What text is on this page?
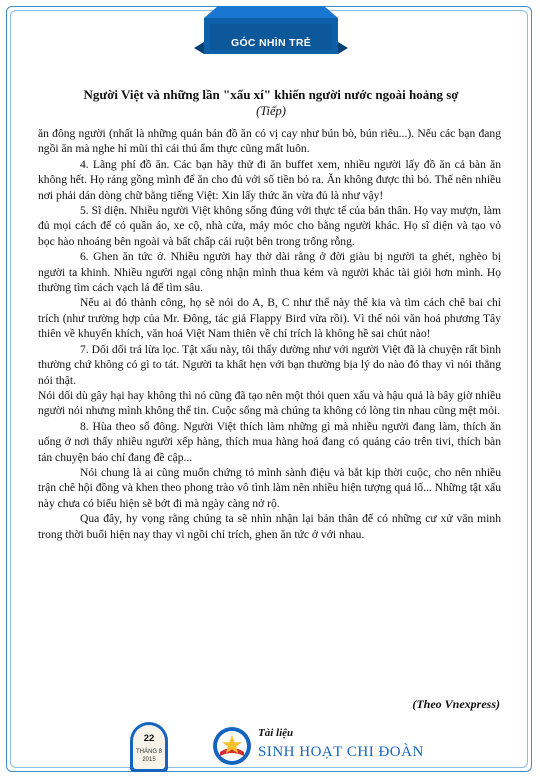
GÓC NHÌN TRẺ
Người Việt và những lần "xấu xí" khiến người nước ngoài hoảng sợ
(Tiếp)

ăn đông người (nhất là những quán bán đồ ăn có vị cay như bún bò, bún riêu...). Nếu các bạn đang ngồi ăn mà nghe hỉ mũi thì cái thú ẩm thực cũng mất luôn.

4. Lãng phí đồ ăn. Các bạn hãy thử đi ăn buffet xem, nhiều người lấy đồ ăn cả bàn ăn không hết. Họ ráng gồng mình để ăn cho đủ với số tiền bỏ ra. Ăn không được thì bỏ. Thế nên nhiều nơi phải dán dòng chữ bằng tiếng Việt: Xin lấy thức ăn vừa đủ là như vậy!

5. Sĩ diện. Nhiều người Việt không sống đúng với thực tế của bản thân. Họ vay mượn, làm đủ mọi cách để có quần áo, xe cộ, nhà cửa, máy móc cho bằng người khác. Họ sĩ diện và tạo vỏ bọc hào nhoáng bên ngoài và bất chấp cái ruột bên trong trống rỗng.

6. Ghen ăn tức ở. Nhiều người hay thờ dài rằng ở đời giàu bị người ta ghét, nghèo bị người ta khinh. Nhiều người ngại công nhận mình thua kém và người khác tài giỏi hơn mình. Họ thường tìm cách vạch lá để tìm sâu.

Nếu ai đó thành công, họ sẽ nói do A, B, C như thế này thế kia và tìm cách chê bai chỉ trích (như trường hợp của Mr. Đông, tác giả Flappy Bird vừa rồi). Vì thế nói văn hoá phương Tây thiên về khuyến khích, văn hoá Việt Nam thiên về chỉ trích là không hề sai chút nào!

7. Dối dối trá lừa lọc. Tật xấu này, tôi thấy dường như với người Việt đã là chuyện rất bình thường chứ không có gì to tát. Người ta khất hẹn với bạn thường bịa lý do nào đó thay vì nói thẳng nói thật.

Nói dối dù gây hại hay không thì nó cũng đã tạo nên một thói quen xấu và hậu quả là bây giờ nhiều người nói nhưng mình không thể tin. Cuộc sống mà chúng ta không có lòng tin nhau cũng mệt mỏi.

8. Hùa theo số đông. Người Việt thích làm những gì mà nhiều người đang làm, thích ăn uống ở nơi thấy nhiều người xếp hàng, thích mua hàng hoá đang có quảng cáo trên tivi, thích bàn tán chuyện báo chí đang đề cập...

Nói chung là ai cũng muốn chứng tỏ mình sành điệu và bắt kịp thời cuộc, cho nên nhiều trận chê hội đồng và khen theo phong trào vô tình làm nên nhiều hiện tượng quá lố... Những tật xấu này chưa có biểu hiện sẽ bớt đi mà ngày càng nở rộ.

Qua đây, hy vọng rằng chúng ta sẽ nhìn nhận lại bản thân để có những cư xử văn minh trong thời buổi hiện nay thay vì ngồi chỉ trích, ghen ăn tức ở với nhau.

(Theo Vnexpress)
22
THÁNG 8
2015
Tài liệu
SINH HOẠT CHI ĐOÀN
